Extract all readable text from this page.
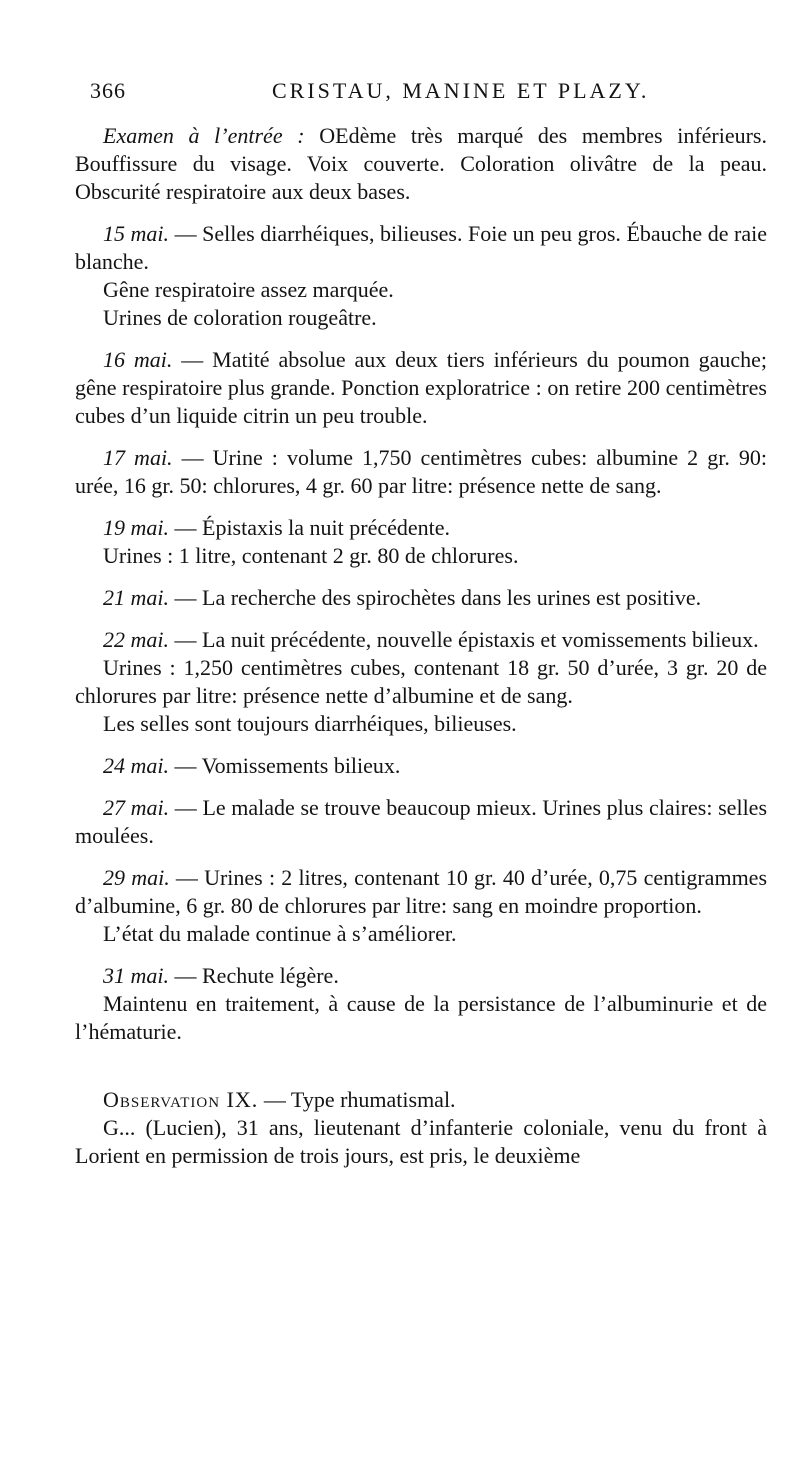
366	CRISTAU, MANINE ET PLAZY.

Examen à l’entrée : OEdème très marqué des membres inférieurs. Bouffissure du visage. Voix couverte. Coloration olivâtre de la peau. Obscurité respiratoire aux deux bases.

15 mai. — Selles diarrhéiques, bilieuses. Foie un peu gros. Ébauche de raie blanche.

Gêne respiratoire assez marquée.

Urines de coloration rougeâtre.

16 mai. — Matité absolue aux deux tiers inférieurs du poumon gauche; gêne respiratoire plus grande. Ponction exploratrice : on retire 200 centimètres cubes d’un liquide citrin un peu trouble.

17 mai. — Urine : volume 1,750 centimètres cubes: albumine 2 gr. 90: urée, 16 gr. 50: chlorures, 4 gr. 60 par litre: présence nette de sang.

19 mai. — Épistaxis la nuit précédente.

Urines : 1 litre, contenant 2 gr. 80 de chlorures.

21 mai. — La recherche des spirochètes dans les urines est positive.

22 mai. — La nuit précédente, nouvelle épistaxis et vomissements bilieux.

Urines : 1,250 centimètres cubes, contenant 18 gr. 50 d’urée, 3 gr. 20 de chlorures par litre: présence nette d’albumine et de sang.

Les selles sont toujours diarrhéiques, bilieuses.

24 mai. — Vomissements bilieux.

27 mai. — Le malade se trouve beaucoup mieux. Urines plus claires: selles moulées.

29 mai. — Urines : 2 litres, contenant 10 gr. 40 d’urée, 0,75 centigrammes d’albumine, 6 gr. 80 de chlorures par litre: sang en moindre proportion.

L’état du malade continue à s’améliorer.

31 mai. — Rechute légère.

Maintenu en traitement, à cause de la persistance de l’albuminurie et de l’hématurie.

Observation IX. — Type rhumatismal.

G... (Lucien), 31 ans, lieutenant d’infanterie coloniale, venu du front à Lorient en permission de trois jours, est pris, le deuxième
